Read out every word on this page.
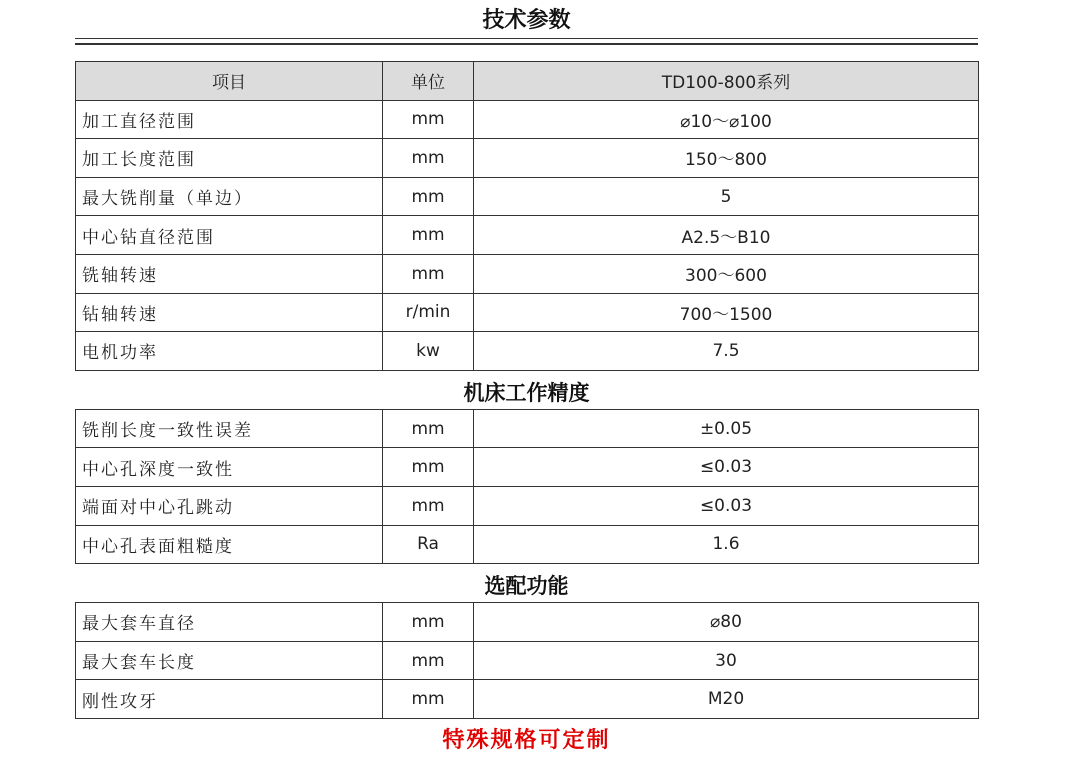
技术参数
项目	单位	TD100-800系列
加工直径范围	mm	⌀10～⌀100
加工长度范围	mm	150～800
最大铣削量（单边）	mm	5
中心钻直径范围	mm	A2.5～B10
铣轴转速	mm	300～600
钻轴转速	r/min	700～1500
电机功率	kw	7.5
机床工作精度
铣削长度一致性误差	mm	±0.05
中心孔深度一致性	mm	≤0.03
端面对中心孔跳动	mm	≤0.03
中心孔表面粗糙度	Ra	1.6
选配功能
最大套车直径	mm	⌀80
最大套车长度	mm	30
刚性攻牙	mm	M20
特殊规格可定制
